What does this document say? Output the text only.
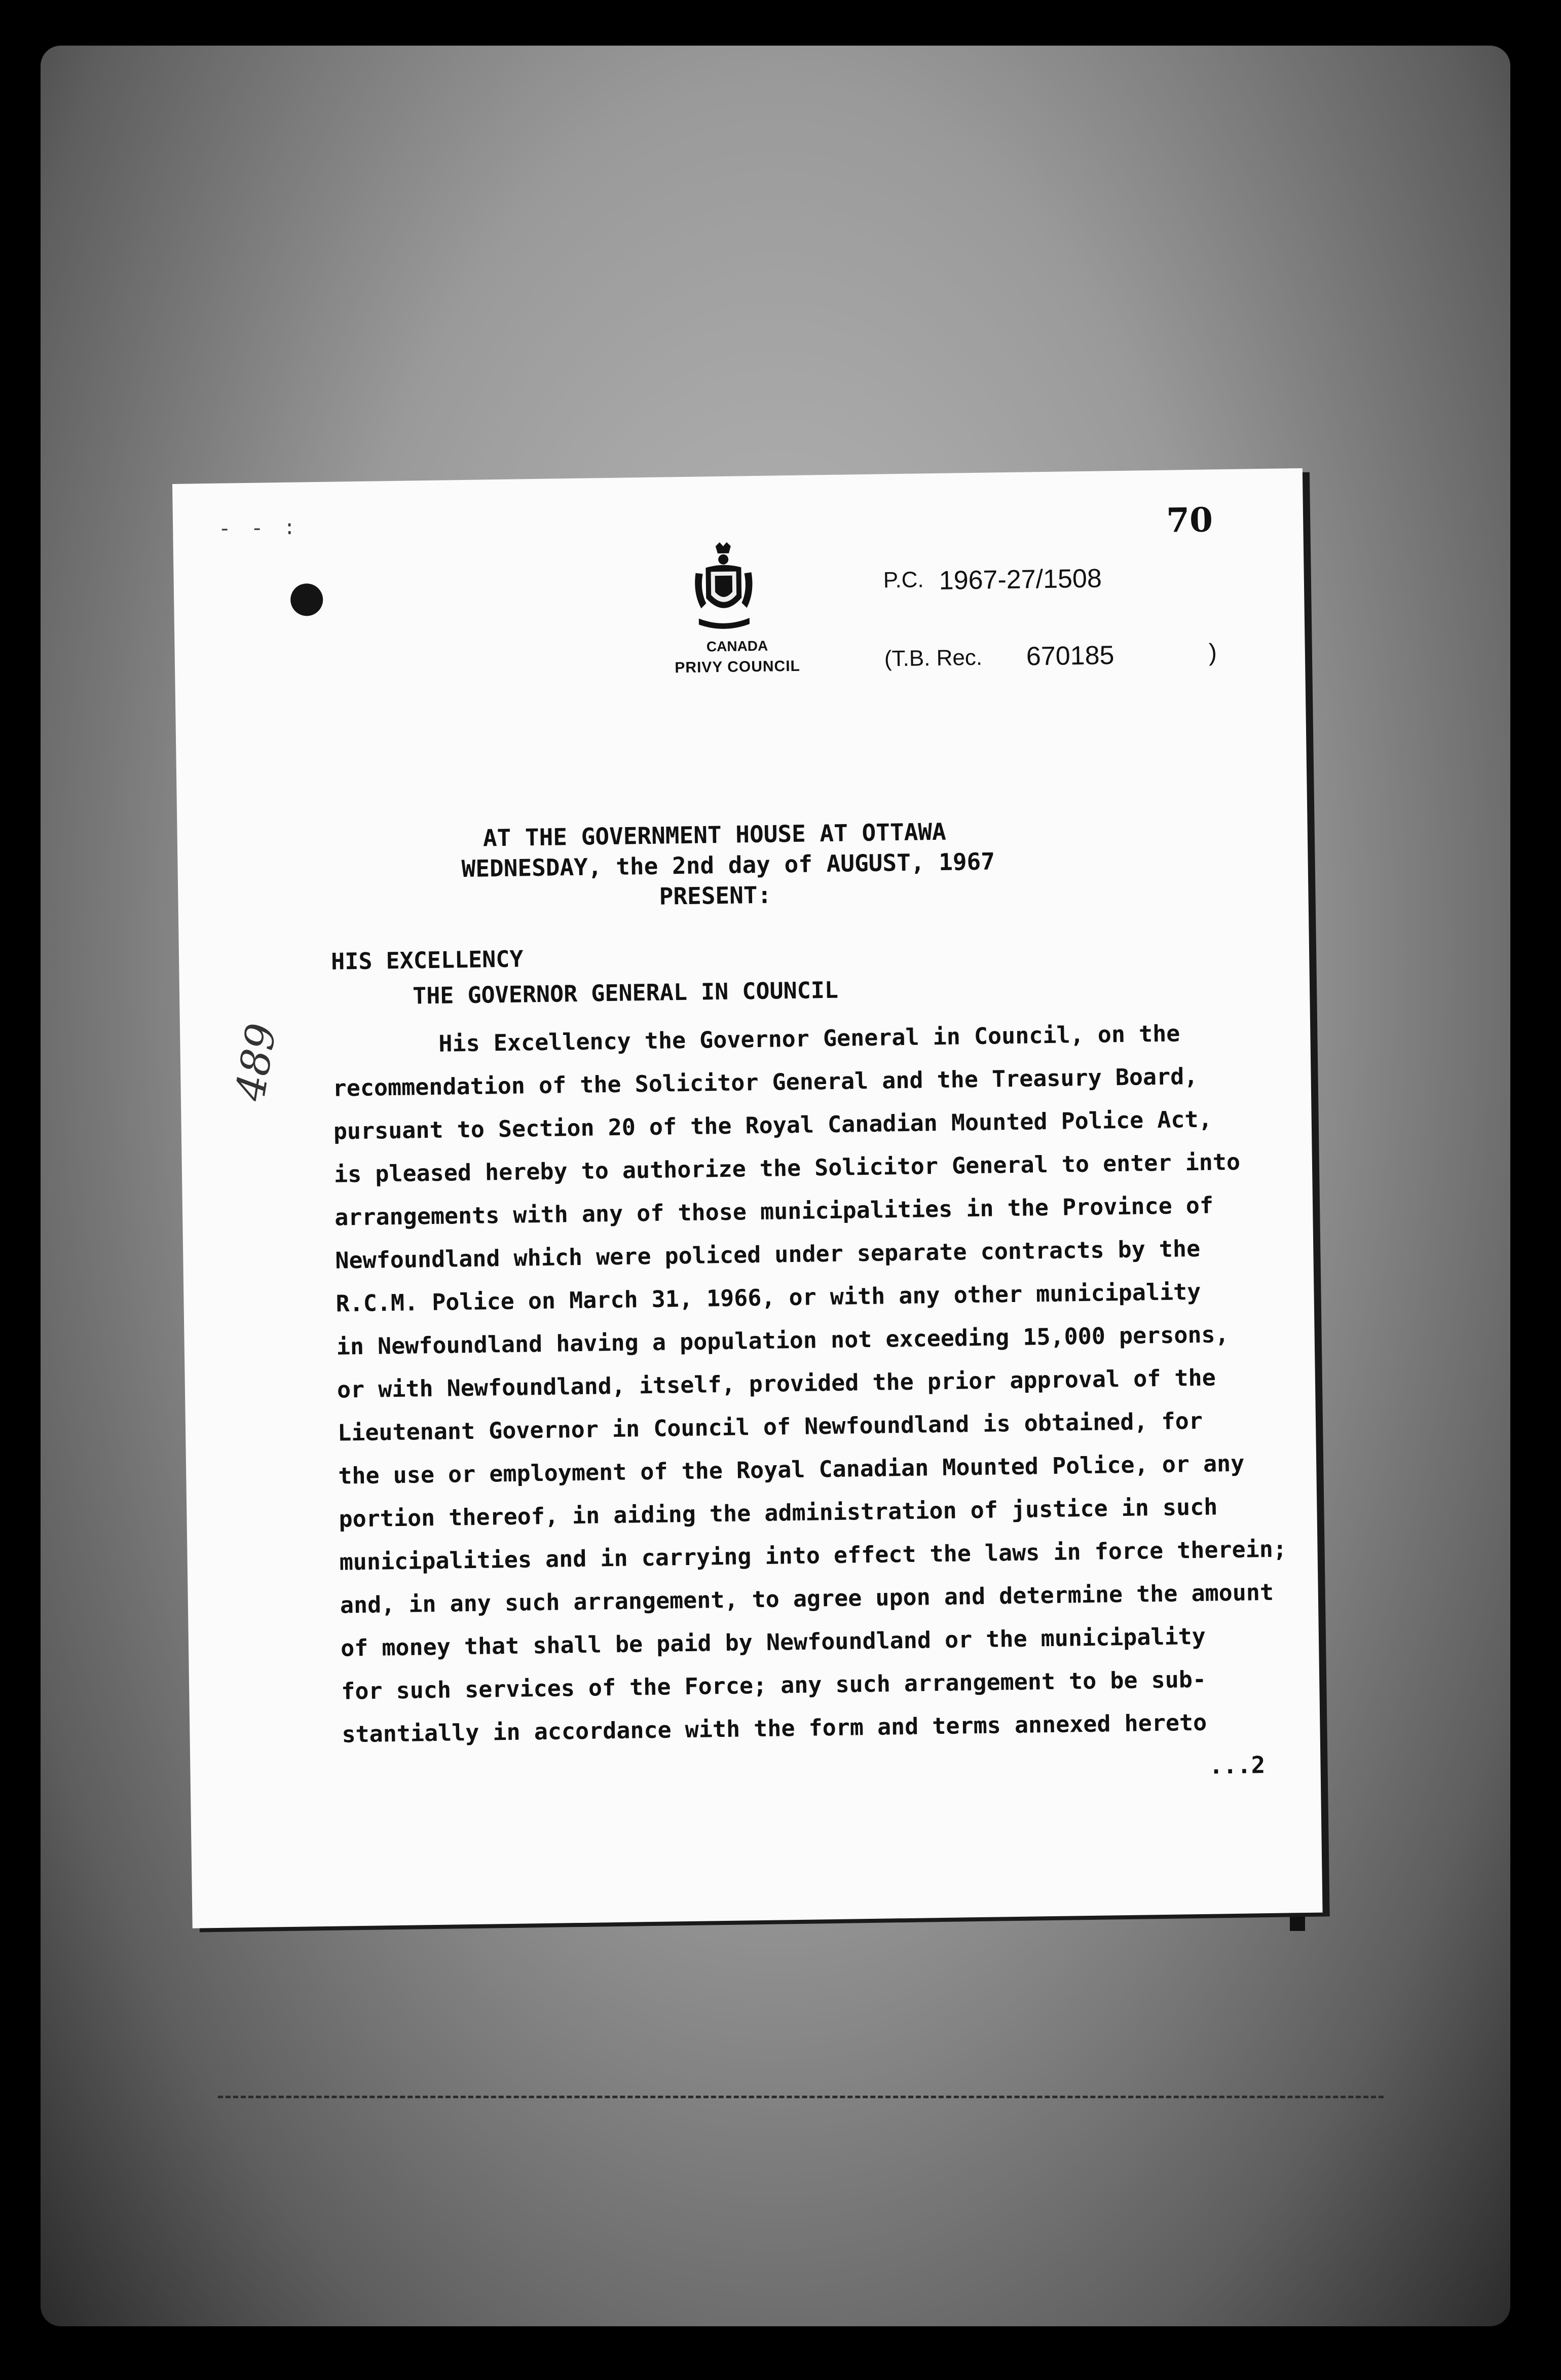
- - :	70
CANADA
PRIVY COUNCIL
P.C. 1967-27/1508
(T.B. Rec. 670185	)
AT THE GOVERNMENT HOUSE AT OTTAWA
WEDNESDAY, the 2nd day of AUGUST, 1967
PRESENT:
HIS EXCELLENCY
THE GOVERNOR GENERAL IN COUNCIL
489	His Excellency the Governor General in Council, on the
recommendation of the Solicitor General and the Treasury Board,
pursuant to Section 20 of the Royal Canadian Mounted Police Act,
is pleased hereby to authorize the Solicitor General to enter into
arrangements with any of those municipalities in the Province of
Newfoundland which were policed under separate contracts by the
R.C.M. Police on March 31, 1966, or with any other municipality
in Newfoundland having a population not exceeding 15,000 persons,
or with Newfoundland, itself, provided the prior approval of the
Lieutenant Governor in Council of Newfoundland is obtained, for
the use or employment of the Royal Canadian Mounted Police, or any
portion thereof, in aiding the administration of justice in such
municipalities and in carrying into effect the laws in force therein;
and, in any such arrangement, to agree upon and determine the amount
of money that shall be paid by Newfoundland or the municipality
for such services of the Force; any such arrangement to be sub-
stantially in accordance with the form and terms annexed hereto
...2
